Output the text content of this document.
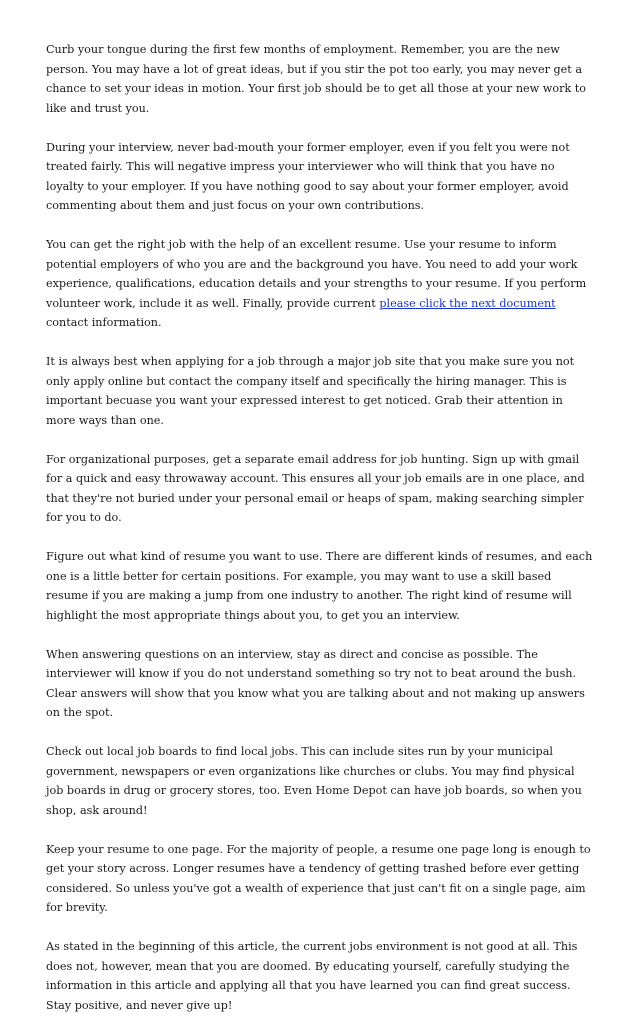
Curb your tongue during the first few months of employment. Remember, you are the new person. You may have a lot of great ideas, but if you stir the pot too early, you may never get a chance to set your ideas in motion. Your first job should be to get all those at your new work to like and trust you.

During your interview, never bad-mouth your former employer, even if you felt you were not treated fairly. This will negative impress your interviewer who will think that you have no loyalty to your employer. If you have nothing good to say about your former employer, avoid commenting about them and just focus on your own contributions.

You can get the right job with the help of an excellent resume. Use your resume to inform potential employers of who you are and the background you have. You need to add your work experience, qualifications, education details and your strengths to your resume. If you perform volunteer work, include it as well. Finally, provide current please click the next document contact information.

It is always best when applying for a job through a major job site that you make sure you not only apply online but contact the company itself and specifically the hiring manager. This is important becuase you want your expressed interest to get noticed. Grab their attention in more ways than one.

For organizational purposes, get a separate email address for job hunting. Sign up with gmail for a quick and easy throwaway account. This ensures all your job emails are in one place, and that they're not buried under your personal email or heaps of spam, making searching simpler for you to do.

Figure out what kind of resume you want to use. There are different kinds of resumes, and each one is a little better for certain positions. For example, you may want to use a skill based resume if you are making a jump from one industry to another. The right kind of resume will highlight the most appropriate things about you, to get you an interview.

When answering questions on an interview, stay as direct and concise as possible. The interviewer will know if you do not understand something so try not to beat around the bush. Clear answers will show that you know what you are talking about and not making up answers on the spot.

Check out local job boards to find local jobs. This can include sites run by your municipal government, newspapers or even organizations like churches or clubs. You may find physical job boards in drug or grocery stores, too. Even Home Depot can have job boards, so when you shop, ask around!

Keep your resume to one page. For the majority of people, a resume one page long is enough to get your story across. Longer resumes have a tendency of getting trashed before ever getting considered. So unless you've got a wealth of experience that just can't fit on a single page, aim for brevity.

As stated in the beginning of this article, the current jobs environment is not good at all. This does not, however, mean that you are doomed. By educating yourself, carefully studying the information in this article and applying all that you have learned you can find great success. Stay positive, and never give up!
